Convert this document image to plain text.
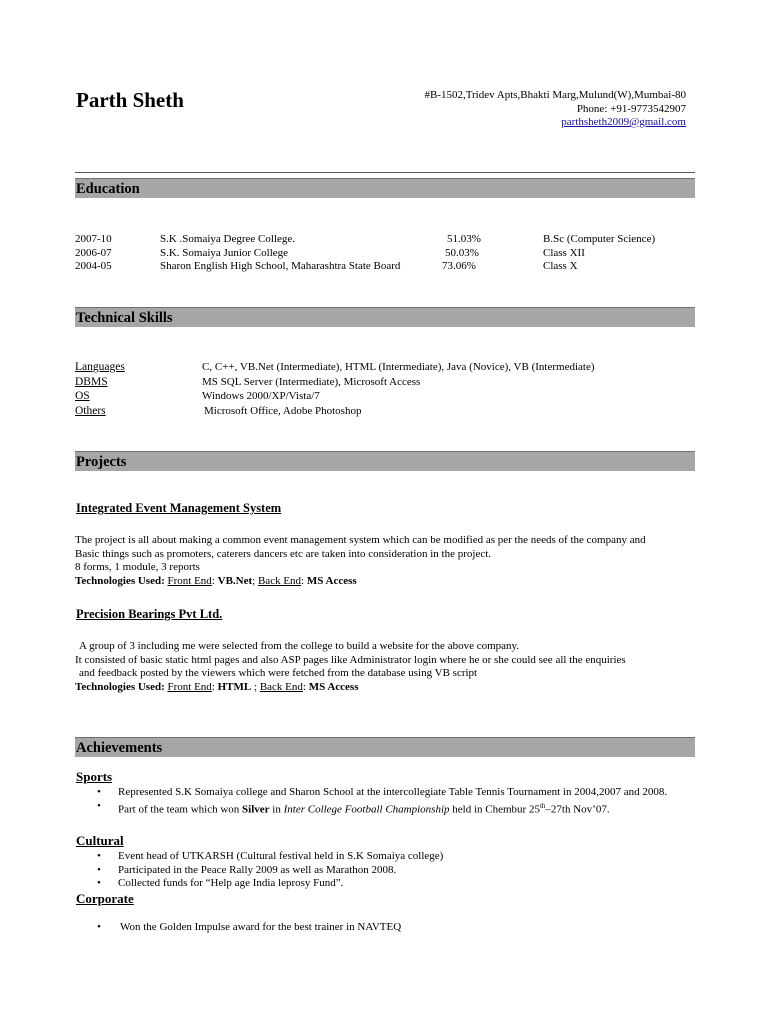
Parth Sheth	#B-1502,Tridev Apts,Bhakti Marg,Mulund(W),Mumbai-80
Phone: +91-9773542907
parthsheth2009@gmail.com
Education
2007-10	S.K .Somaiya Degree College.	51.03%	B.Sc (Computer Science)
2006-07	S.K. Somaiya Junior College	50.03%	Class XII
2004-05	Sharon English High School, Maharashtra State Board	73.06%	Class X
Technical Skills
Languages	C, C++, VB.Net (Intermediate), HTML (Intermediate), Java (Novice), VB (Intermediate)
DBMS	MS SQL Server (Intermediate), Microsoft Access
OS	Windows 2000/XP/Vista/7
Others	Microsoft Office, Adobe Photoshop
Projects
Integrated Event Management System
The project is all about making a common event management system which can be modified as per the needs of the company and
Basic things such as promoters, caterers dancers etc are taken into consideration in the project.
8 forms, 1 module, 3 reports
Technologies Used: Front End: VB.Net; Back End: MS Access
Precision Bearings Pvt Ltd.
A group of 3 including me were selected from the college to build a website for the above company.
It consisted of basic static html pages and also ASP pages like Administrator login where he or she could see all the enquiries
and feedback posted by the viewers which were fetched from the database using VB script
Technologies Used: Front End: HTML ; Back End: MS Access
Achievements
Sports
• Represented S.K Somaiya college and Sharon School at the intercollegiate Table Tennis Tournament in 2004,2007 and 2008.
• Part of the team which won Silver in Inter College Football Championship held in Chembur 25th–27th Nov’07.
Cultural
• Event head of UTKARSH (Cultural festival held in S.K Somaiya college)
• Participated in the Peace Rally 2009 as well as Marathon 2008.
• Collected funds for “Help age India leprosy Fund”.
Corporate
• Won the Golden Impulse award for the best trainer in NAVTEQ
